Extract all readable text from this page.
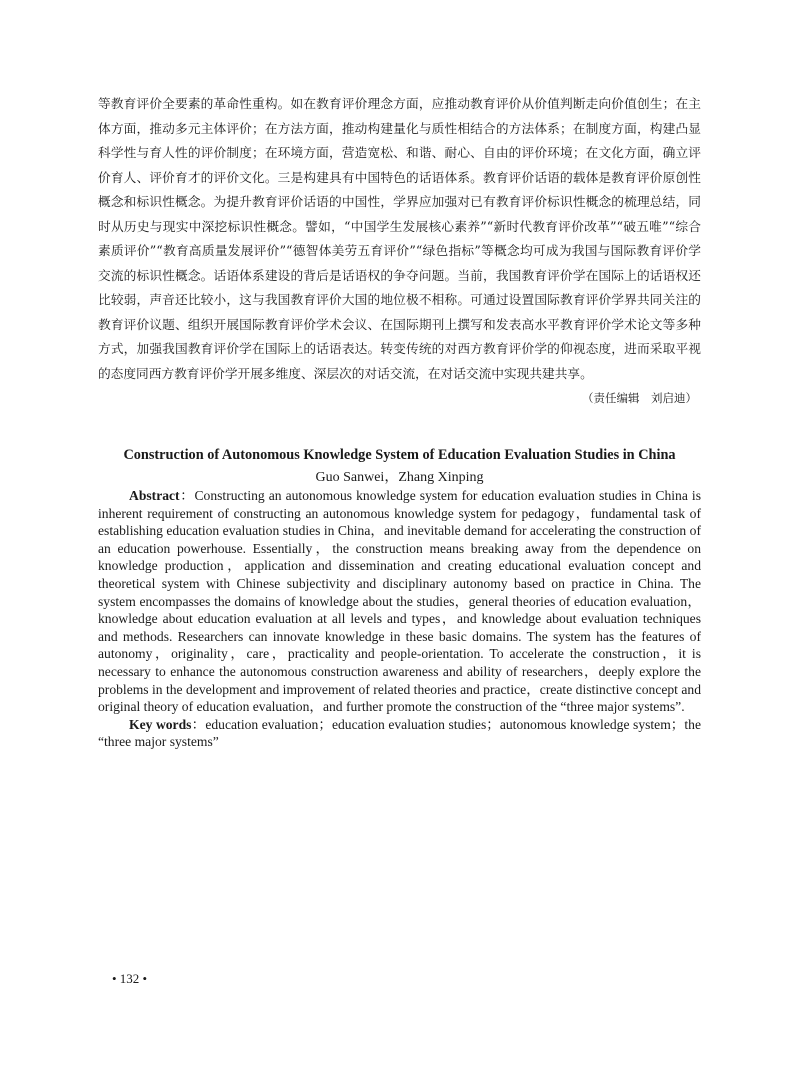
等教育评价全要素的革命性重构。如在教育评价理念方面，应推动教育评价从价值判断走向价值创生；在主体方面，推动多元主体评价；在方法方面，推动构建量化与质性相结合的方法体系；在制度方面，构建凸显科学性与育人性的评价制度；在环境方面，营造宽松、和谐、耐心、自由的评价环境；在文化方面，确立评价育人、评价育才的评价文化。三是构建具有中国特色的话语体系。教育评价话语的载体是教育评价原创性概念和标识性概念。为提升教育评价话语的中国性，学界应加强对已有教育评价标识性概念的梳理总结，同时从历史与现实中深挖标识性概念。譬如，“中国学生发展核心素养”“新时代教育评价改革”“破五唯”“综合素质评价”“教育高质量发展评价”“德智体美劳五育评价”“绿色指标”等概念均可成为我国与国际教育评价学交流的标识性概念。话语体系建设的背后是话语权的争夺问题。当前，我国教育评价学在国际上的话语权还比较弱，声音还比较小，这与我国教育评价大国的地位极不相称。可通过设置国际教育评价学界共同关注的教育评价议题、组织开展国际教育评价学术会议、在国际期刊上撰写和发表高水平教育评价学术论文等多种方式，加强我国教育评价学在国际上的话语表达。转变传统的对西方教育评价学的仰视态度，进而采取平视的态度同西方教育评价学开展多维度、深层次的对话交流，在对话交流中实现共建共享。

（责任编辑　刘启迪）

Construction of Autonomous Knowledge System of Education Evaluation Studies in China

Guo Sanwei，Zhang Xinping

Abstract：Constructing an autonomous knowledge system for education evaluation studies in China is inherent requirement of constructing an autonomous knowledge system for pedagogy，fundamental task of establishing education evaluation studies in China，and inevitable demand for accelerating the construction of an education powerhouse. Essentially，the construction means breaking away from the dependence on knowledge production，application and dissemination and creating educational evaluation concept and theoretical system with Chinese subjectivity and disciplinary autonomy based on practice in China. The system encompasses the domains of knowledge about the studies，general theories of education evaluation，knowledge about education evaluation at all levels and types，and knowledge about evaluation techniques and methods. Researchers can innovate knowledge in these basic domains. The system has the features of autonomy，originality，care，practicality and people-orientation. To accelerate the construction，it is necessary to enhance the autonomous construction awareness and ability of researchers，deeply explore the problems in the development and improvement of related theories and practice，create distinctive concept and original theory of education evaluation，and further promote the construction of the “three major systems”.

Key words：education evaluation；education evaluation studies；autonomous knowledge system；the “three major systems”

• 132 •
